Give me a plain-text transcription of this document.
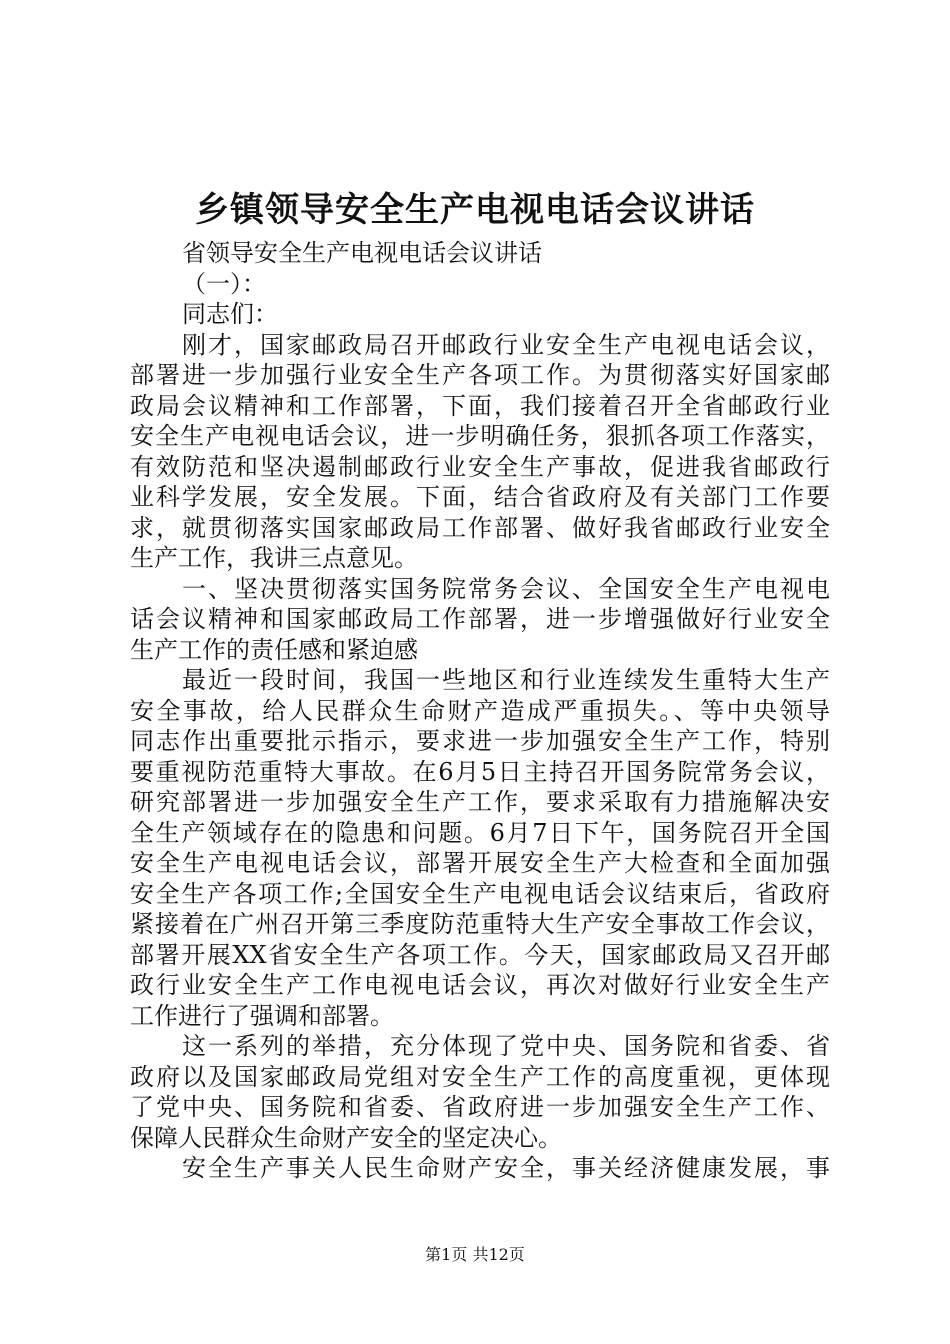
乡镇领导安全生产电视电话会议讲话
省领导安全生产电视电话会议讲话
（一）：
同志们：
刚才，国家邮政局召开邮政行业安全生产电视电话会议，
部署进一步加强行业安全生产各项工作。为贯彻落实好国家邮
政局会议精神和工作部署，下面，我们接着召开全省邮政行业
安全生产电视电话会议，进一步明确任务，狠抓各项工作落实，
有效防范和坚决遏制邮政行业安全生产事故，促进我省邮政行
业科学发展，安全发展。下面，结合省政府及有关部门工作要
求，就贯彻落实国家邮政局工作部署、做好我省邮政行业安全
生产工作，我讲三点意见。
一、坚决贯彻落实国务院常务会议、全国安全生产电视电
话会议精神和国家邮政局工作部署，进一步增强做好行业安全
生产工作的责任感和紧迫感
最近一段时间，我国一些地区和行业连续发生重特大生产
安全事故，给人民群众生命财产造成严重损失。、等中央领导
同志作出重要批示指示，要求进一步加强安全生产工作，特别
要重视防范重特大事故。在6月5日主持召开国务院常务会议，
研究部署进一步加强安全生产工作，要求采取有力措施解决安
全生产领域存在的隐患和问题。6月7日下午，国务院召开全国
安全生产电视电话会议，部署开展安全生产大检查和全面加强
安全生产各项工作;全国安全生产电视电话会议结束后，省政府
紧接着在广州召开第三季度防范重特大生产安全事故工作会议，
部署开展XX省安全生产各项工作。今天，国家邮政局又召开邮
政行业安全生产工作电视电话会议，再次对做好行业安全生产
工作进行了强调和部署。
这一系列的举措，充分体现了党中央、国务院和省委、省
政府以及国家邮政局党组对安全生产工作的高度重视，更体现
了党中央、国务院和省委、省政府进一步加强安全生产工作、
保障人民群众生命财产安全的坚定决心。
安全生产事关人民生命财产安全，事关经济健康发展，事
第1页 共12页
